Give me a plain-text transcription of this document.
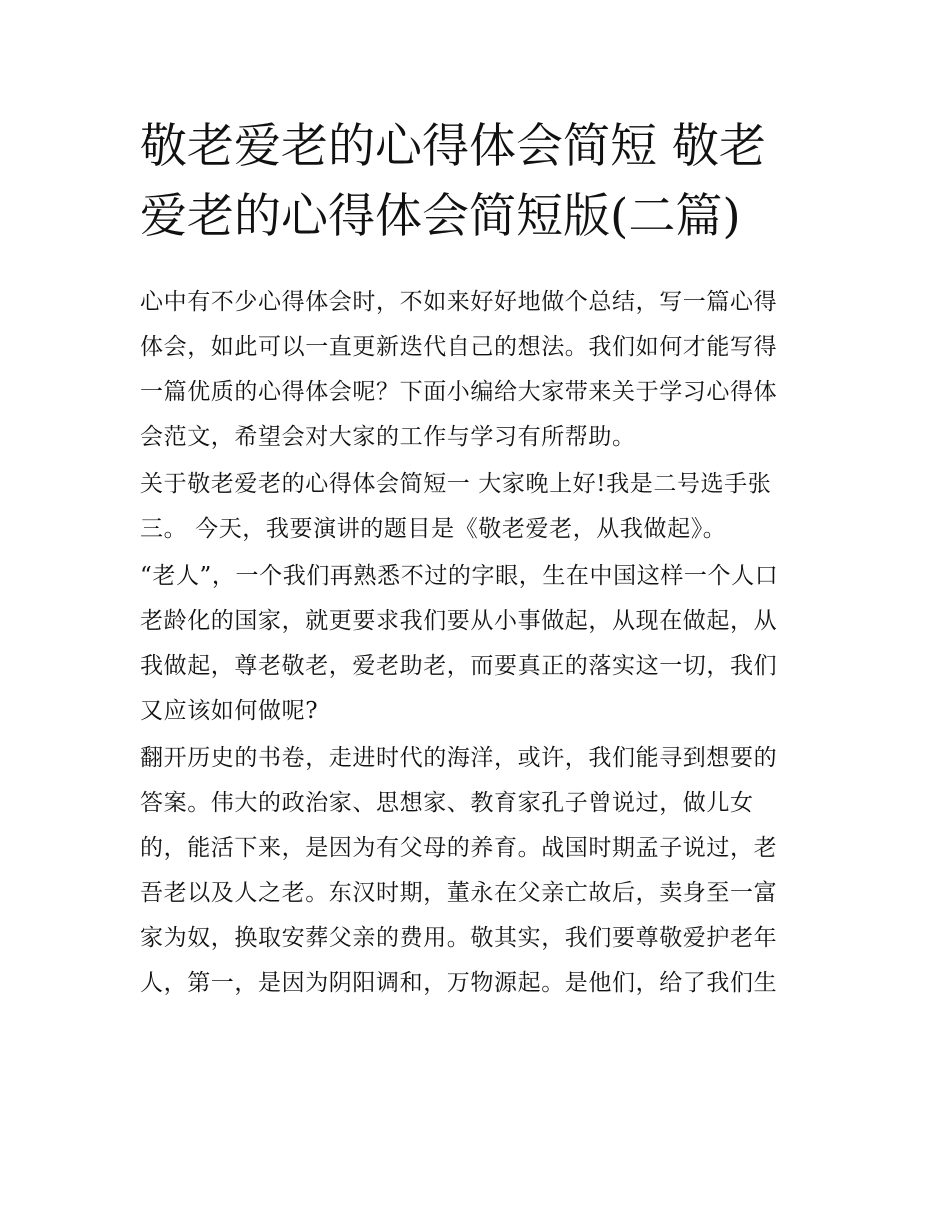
敬老爱老的心得体会简短 敬老
爱老的心得体会简短版(二篇)
心中有不少心得体会时，不如来好好地做个总结，写一篇心得
体会，如此可以一直更新迭代自己的想法。我们如何才能写得
一篇优质的心得体会呢？下面小编给大家带来关于学习心得体
会范文，希望会对大家的工作与学习有所帮助。
关于敬老爱老的心得体会简短一 大家晚上好!我是二号选手张
三。 今天，我要演讲的题目是《敬老爱老，从我做起》。
“老人”，一个我们再熟悉不过的字眼，生在中国这样一个人口
老龄化的国家，就更要求我们要从小事做起，从现在做起，从
我做起，尊老敬老，爱老助老，而要真正的落实这一切，我们
又应该如何做呢?
翻开历史的书卷，走进时代的海洋，或许，我们能寻到想要的
答案。伟大的政治家、思想家、教育家孔子曾说过，做儿女
的，能活下来，是因为有父母的养育。战国时期孟子说过，老
吾老以及人之老。东汉时期，董永在父亲亡故后，卖身至一富
家为奴，换取安葬父亲的费用。敬其实，我们要尊敬爱护老年
人，第一，是因为阴阳调和，万物源起。是他们，给了我们生
